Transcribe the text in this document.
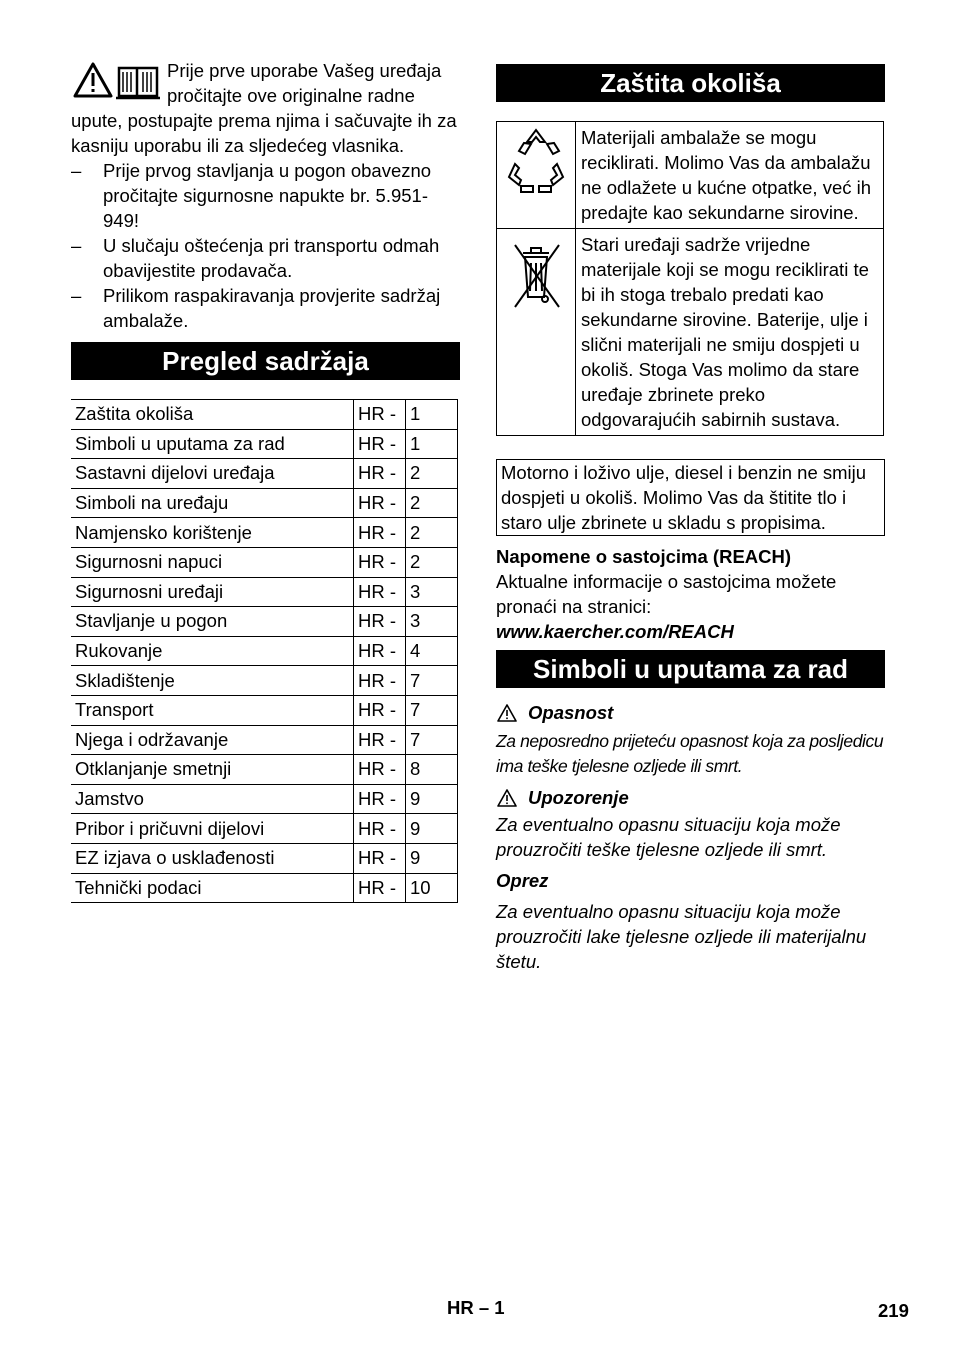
Prije prve uporabe Vašeg uređaja pročitajte ove originalne radne upute, postupajte prema njima i sačuvajte ih za kasniju uporabu ili za sljedećeg vlasnika.
– Prije prvog stavljanja u pogon obavezno pročitajte sigurnosne napukte br. 5.951-949!
– U slučaju oštećenja pri transportu odmah obavijestite prodavača.
– Prilikom raspakiravanja provjerite sadržaj ambalaže.
Pregled sadržaja
Zaštita okoliša	HR -	1
Simboli u uputama za rad	HR -	1
Sastavni dijelovi uređaja	HR -	2
Simboli na uređaju	HR -	2
Namjensko korištenje	HR -	2
Sigurnosni napuci	HR -	2
Sigurnosni uređaji	HR -	3
Stavljanje u pogon	HR -	3
Rukovanje	HR -	4
Skladištenje	HR -	7
Transport	HR -	7
Njega i održavanje	HR -	7
Otklanjanje smetnji	HR -	8
Jamstvo	HR -	9
Pribor i pričuvni dijelovi	HR -	9
EZ izjava o usklađenosti	HR -	9
Tehnički podaci	HR -	10
Zaštita okoliša
	Materijali ambalaže se mogu reciklirati. Molimo Vas da ambalažu ne odlažete u kućne otpatke, već ih predajte kao sekundarne sirovine.
	Stari uređaji sadrže vrijedne materijale koji se mogu reciklirati te bi ih stoga trebalo predati kao sekundarne sirovine. Baterije, ulje i slični materijali ne smiju dospjeti u okoliš. Stoga Vas molimo da stare uređaje zbrinete preko odgovarajućih sabirnih sustava.
Motorno i loživo ulje, diesel i benzin ne smiju dospjeti u okoliš. Molimo Vas da štitite tlo i staro ulje zbrinete u skladu s propisima.
Napomene o sastojcima (REACH)
Aktualne informacije o sastojcima možete pronaći na stranici:
www.kaercher.com/REACH
Simboli u uputama za rad
Opasnost
Za neposredno prijeteću opasnost koja za posljedicu ima teške tjelesne ozljede ili smrt.
Upozorenje
Za eventualno opasnu situaciju koja može prouzročiti teške tjelesne ozljede ili smrt.
Oprez
Za eventualno opasnu situaciju koja može prouzročiti lake tjelesne ozljede ili materijalnu štetu.
HR – 1	219
